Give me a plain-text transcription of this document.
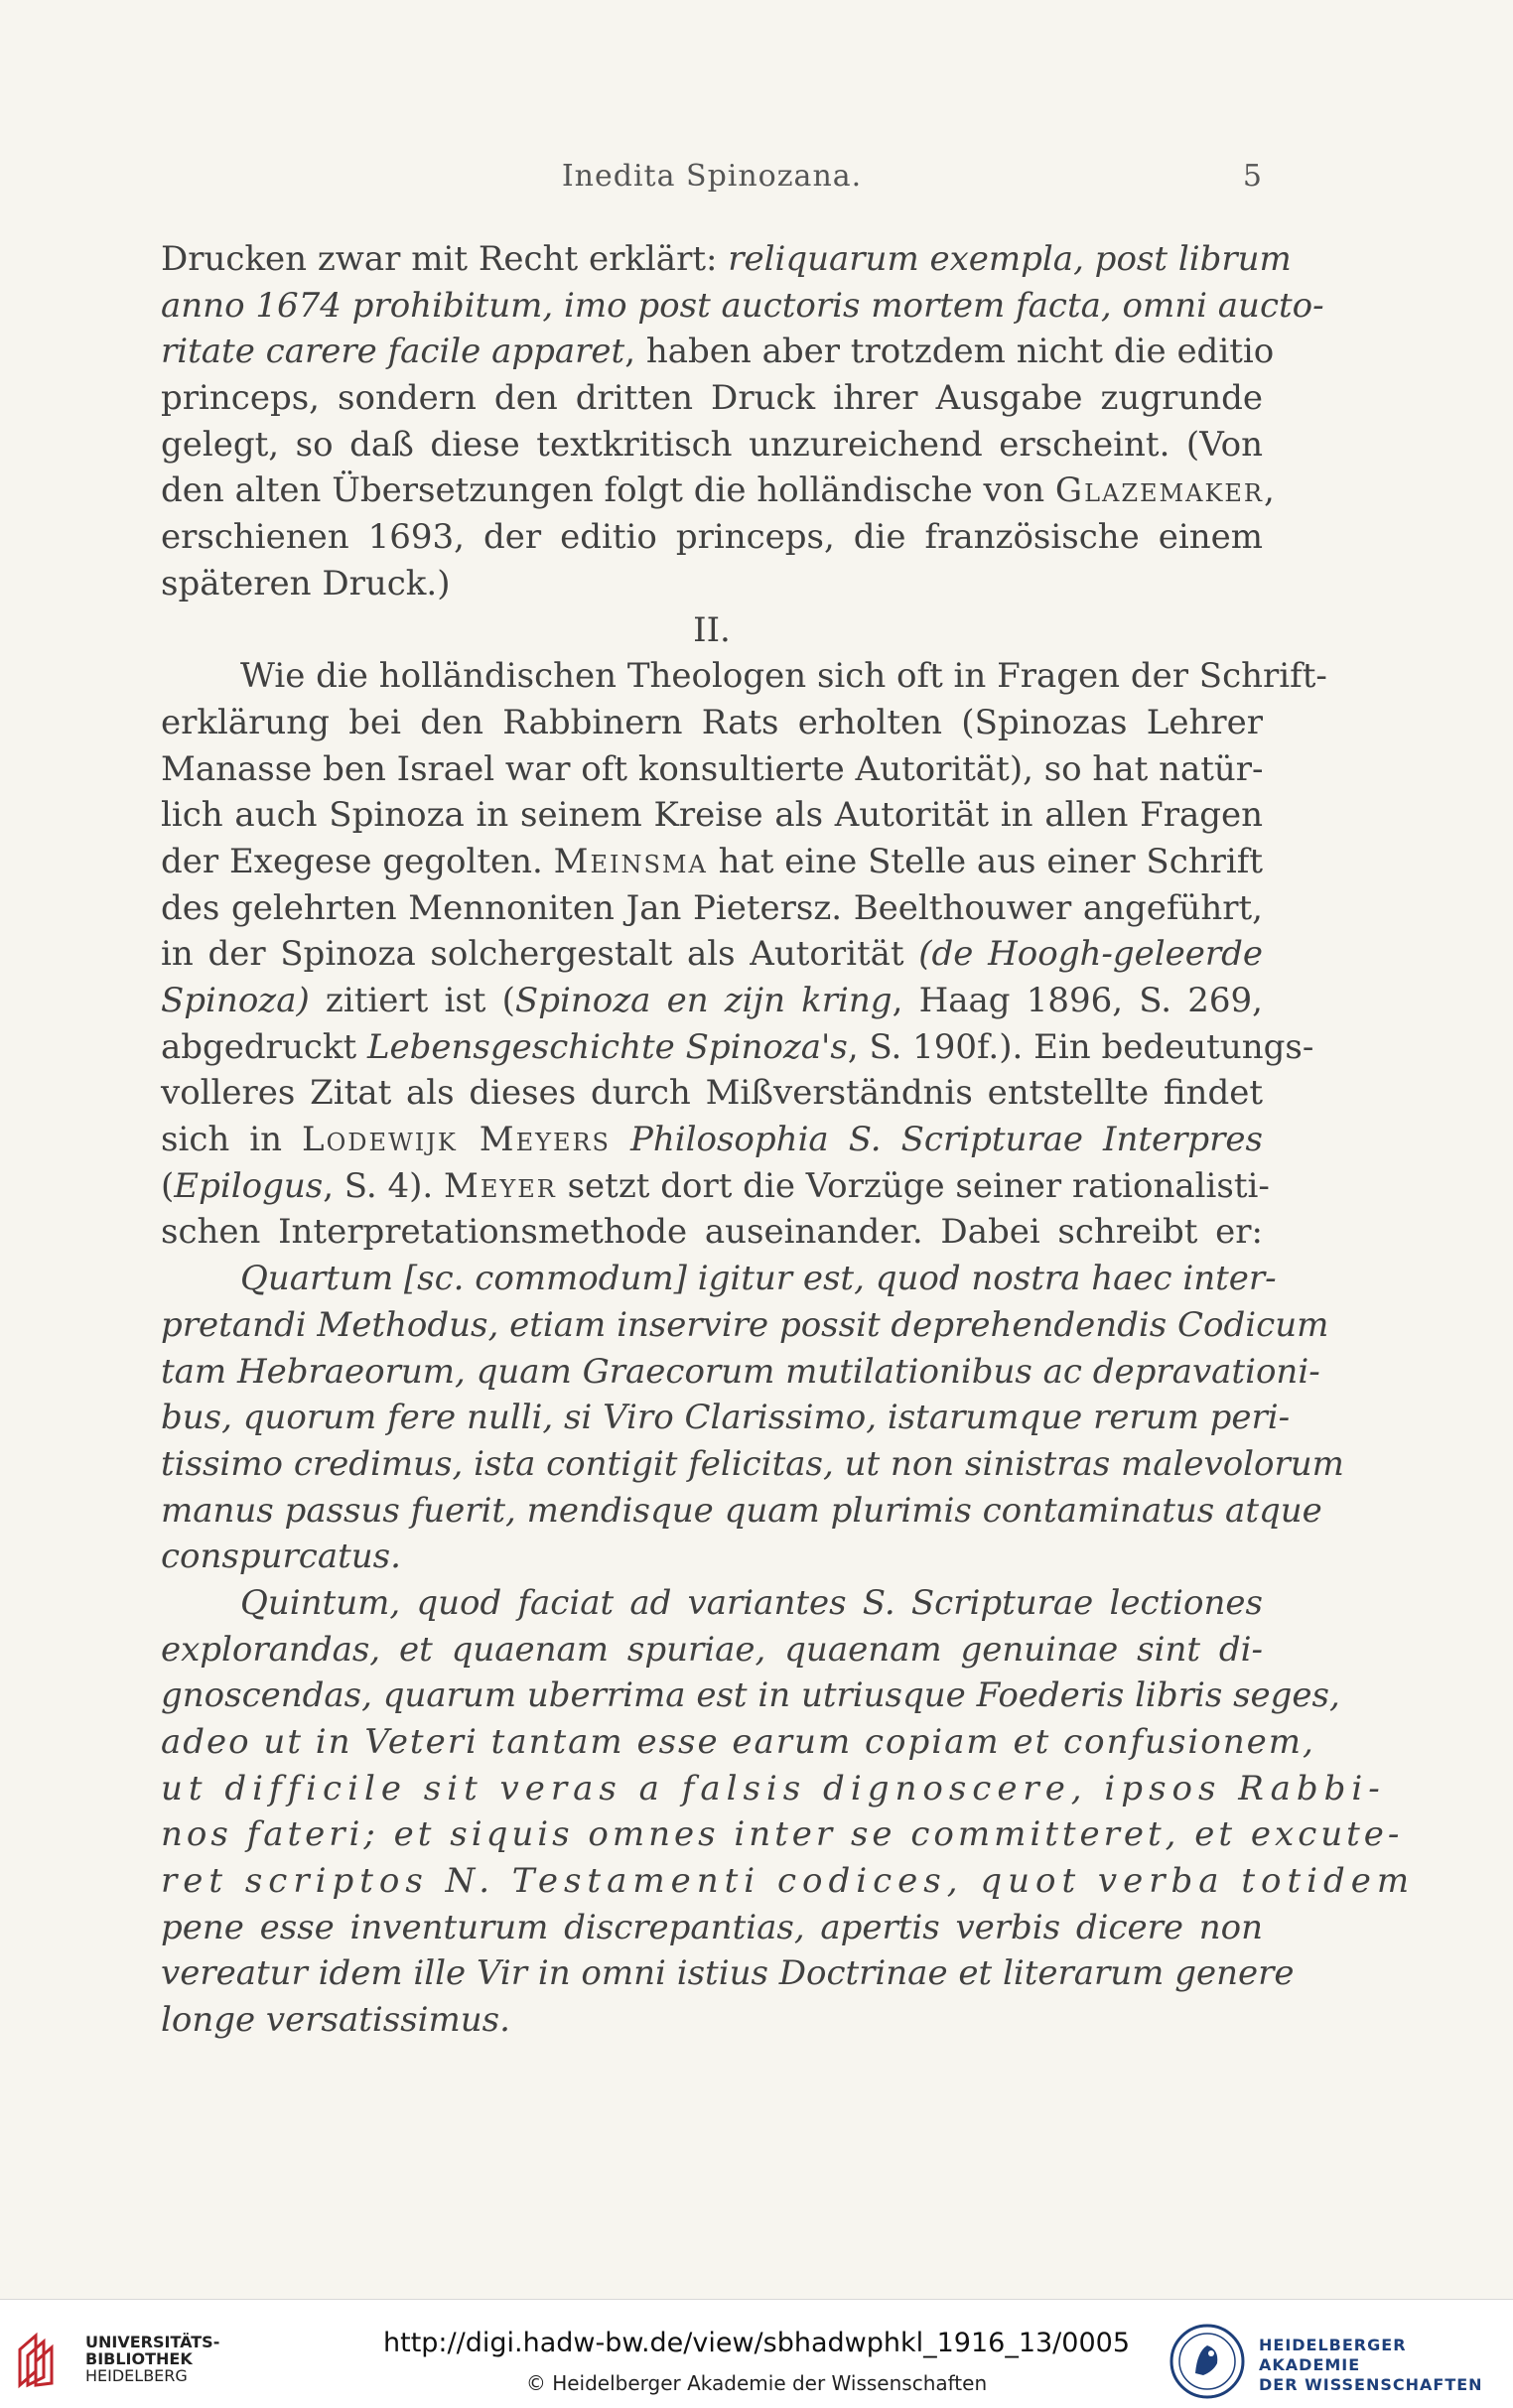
Inedita Spinozana.	5
Drucken zwar mit Recht erklärt: reliquarum exempla, post librum
anno 1674 prohibitum, imo post auctoris mortem facta, omni aucto-
ritate carere facile apparet, haben aber trotzdem nicht die editio
princeps, sondern den dritten Druck ihrer Ausgabe zugrunde
gelegt, so daß diese textkritisch unzureichend erscheint. (Von
den alten Übersetzungen folgt die holländische von Glazemaker,
erschienen 1693, der editio princeps, die französische einem
späteren Druck.)
II.
Wie die holländischen Theologen sich oft in Fragen der Schrift-
erklärung bei den Rabbinern Rats erholten (Spinozas Lehrer
Manasse ben Israel war oft konsultierte Autorität), so hat natür-
lich auch Spinoza in seinem Kreise als Autorität in allen Fragen
der Exegese gegolten. Meinsma hat eine Stelle aus einer Schrift
des gelehrten Mennoniten Jan Pietersz. Beelthouwer angeführt,
in der Spinoza solchergestalt als Autorität (de Hoogh-geleerde
Spinoza) zitiert ist (Spinoza en zijn kring, Haag 1896, S. 269,
abgedruckt Lebensgeschichte Spinoza's, S. 190f.). Ein bedeutungs-
volleres Zitat als dieses durch Mißverständnis entstellte findet
sich in Lodewijk Meyers Philosophia S. Scripturae Interpres
(Epilogus, S. 4). Meyer setzt dort die Vorzüge seiner rationalisti-
schen Interpretationsmethode auseinander. Dabei schreibt er:
Quartum [sc. commodum] igitur est, quod nostra haec inter-
pretandi Methodus, etiam inservire possit deprehendendis Codicum
tam Hebraeorum, quam Graecorum mutilationibus ac depravationi-
bus, quorum fere nulli, si Viro Clarissimo, istarumque rerum peri-
tissimo credimus, ista contigit felicitas, ut non sinistras malevolorum
manus passus fuerit, mendisque quam plurimis contaminatus atque
conspurcatus.
Quintum, quod faciat ad variantes S. Scripturae lectiones
explorandas, et quaenam spuriae, quaenam genuinae sint di-
gnoscendas, quarum uberrima est in utriusque Foederis libris seges,
adeo ut in Veteri tantam esse earum copiam et confusionem,
ut difficile sit veras a falsis dignoscere, ipsos Rabbi-
nos fateri; et siquis omnes inter se committeret, et excute-
ret scriptos N. Testamenti codices, quot verba totidem
pene esse inventurum discrepantias, apertis verbis dicere non
vereatur idem ille Vir in omni istius Doctrinae et literarum genere
longe versatissimus.
UNIVERSITÄTS-
BIBLIOTHEK
HEIDELBERG
http://digi.hadw-bw.de/view/sbhadwphkl_1916_13/0005
© Heidelberger Akademie der Wissenschaften
HEIDELBERGER AKADEMIE
DER WISSENSCHAFTEN
